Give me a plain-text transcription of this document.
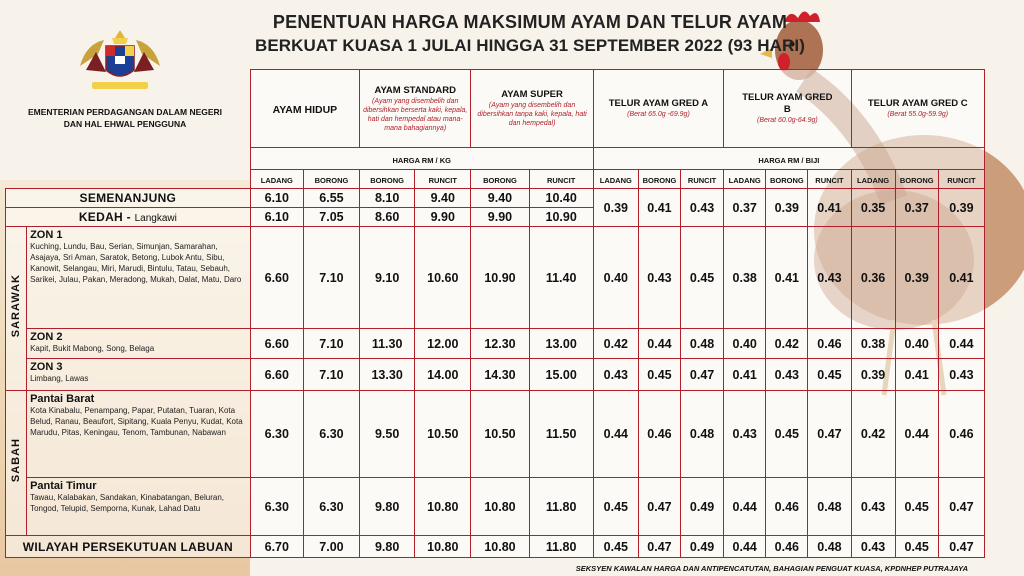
PENENTUAN HARGA MAKSIMUM AYAM DAN TELUR AYAM
BERKUAT KUASA 1 JULAI HINGGA 31 SEPTEMBER 2022 (93 HARI)
EMENTERIAN PERDAGANGAN DALAM NEGERI
DAN HAL EHWAL PENGGUNA
		AYAM HIDUP		AYAM STANDARD
(Ayam yang disembelih dan dibersihkan berserta kaki, kepala, hati dan hempedal atau mana-mana bahagiannya)		AYAM SUPER
(Ayam yang disembelih dan dibersihkan tanpa kaki, kepala, hati dan hempedal)		TELUR AYAM GRED A
(Berat 65.0g -69.9g)			TELUR AYAM GRED B
(Berat 60.0g-64.9g)			TELUR AYAM GRED C
(Berat 55.0g-59.9g)		

		HARGA RM / KG						HARGA RM / BIJI								
		LADANG	BORONG	BORONG	RUNCIT	BORONG	RUNCIT	LADANG	BORONG	RUNCIT	LADANG	BORONG	RUNCIT	LADANG	BORONG	RUNCIT
SEMENANJUNG		6.10	6.55	8.10	9.40	9.40	10.40	0.39	0.41	0.43	0.37	0.39	0.41	0.35	0.37	0.39
KEDAH - Langkawi		6.10	7.05	8.60	9.90	9.90	10.90									
SARAWAK	ZON 1
Kuching, Lundu, Bau, Serian, Simunjan, Samarahan, Asajaya, Sri Aman, Saratok, Betong, Lubok Antu, Sibu, Kanowit, Selangau, Miri, Marudi, Bintulu, Tatau, Sebauh, Sarikei, Julau, Pakan, Meradong, Mukah, Dalat, Matu, Daro	6.60	7.10	9.10	10.60	10.90	11.40	0.40	0.43	0.45	0.38	0.41	0.43	0.36	0.39	0.41

	ZON 2
Kapit, Bukit Mabong, Song, Belaga	6.60	7.10	11.30	12.00	12.30	13.00	0.42	0.44	0.48	0.40	0.42	0.46	0.38	0.40	0.44

	ZON 3
Limbang, Lawas	6.60	7.10	13.30	14.00	14.30	15.00	0.43	0.45	0.47	0.41	0.43	0.45	0.39	0.41	0.43
SABAH	Pantai Barat
Kota Kinabalu, Penampang, Papar, Putatan, Tuaran, Kota Belud, Ranau, Beaufort, Sipitang, Kuala Penyu, Kudat, Kota Marudu, Pitas, Keningau, Tenom, Tambunan, Nabawan	6.30	6.30	9.50	10.50	10.50	11.50	0.44	0.46	0.48	0.43	0.45	0.47	0.42	0.44	0.46

	Pantai Timur
Tawau, Kalabakan, Sandakan, Kinabatangan, Beluran, Tongod, Telupid, Semporna, Kunak, Lahad Datu	6.30	6.30	9.80	10.80	10.80	11.80	0.45	0.47	0.49	0.44	0.46	0.48	0.43	0.45	0.47
WILAYAH PERSEKUTUAN LABUAN		6.70	7.00	9.80	10.80	10.80	11.80	0.45	0.47	0.49	0.44	0.46	0.48	0.43	0.45	0.47
SEKSYEN KAWALAN HARGA DAN ANTIPENCATUTAN, BAHAGIAN PENGUAT KUASA, KPDNHEP PUTRAJAYA
